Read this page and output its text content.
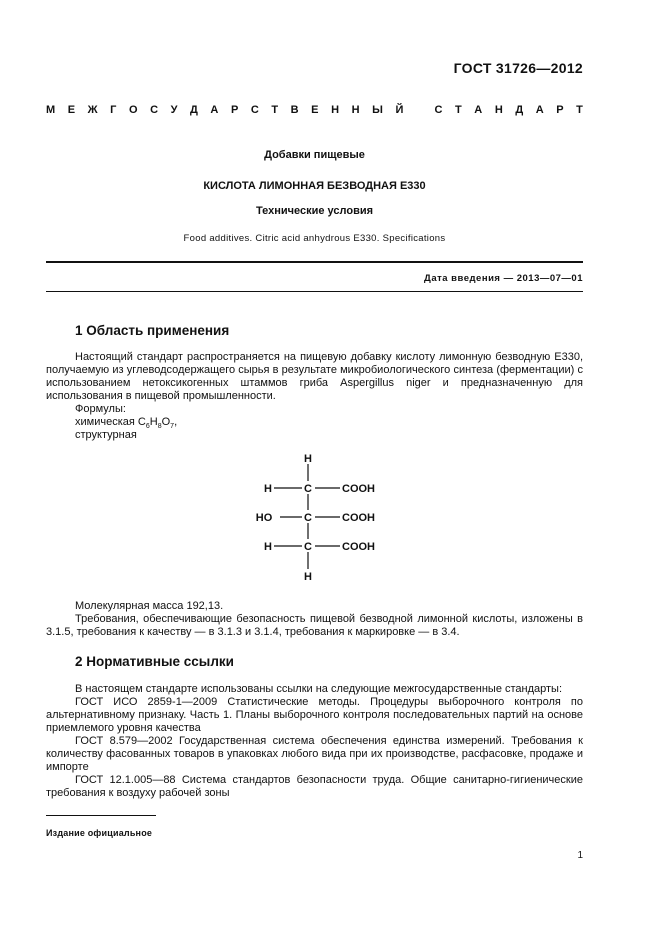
ГОСТ 31726—2012
М Е Ж Г О С У Д А Р С Т В Е Н Н Ы Й	С Т А Н Д А Р Т
Добавки пищевые
КИСЛОТА ЛИМОННАЯ БЕЗВОДНАЯ Е330
Технические условия
Food additives. Citric acid anhydrous E330. Specifications
Дата введения — 2013—07—01
1 Область применения
Настоящий стандарт распространяется на пищевую добавку кислоту лимонную безводную Е330, получаемую из углеводсодержащего сырья в результате микробиологического синтеза (ферментации) с использованием нетоксикогенных штаммов гриба Aspergillus niger и предназначенную для использования в пищевой промышленности.
Формулы:
химическая $C_6H_8O_7$,
структурная
H
H	C	COOH
HO	C	COOH
H	C	COOH
H
Молекулярная масса 192,13.
Требования, обеспечивающие безопасность пищевой безводной лимонной кислоты, изложены в 3.1.5, требования к качеству — в 3.1.3 и 3.1.4, требования к маркировке — в 3.4.
2 Нормативные ссылки
В настоящем стандарте использованы ссылки на следующие межгосударственные стандарты:
ГОСТ ИСО 2859-1—2009 Статистические методы. Процедуры выборочного контроля по альтернативному признаку. Часть 1. Планы выборочного контроля последовательных партий на основе приемлемого уровня качества
ГОСТ 8.579—2002 Государственная система обеспечения единства измерений. Требования к количеству фасованных товаров в упаковках любого вида при их производстве, расфасовке, продаже и импорте
ГОСТ 12.1.005—88 Система стандартов безопасности труда. Общие санитарно-гигиенические требования к воздуху рабочей зоны
Издание официальное
1
